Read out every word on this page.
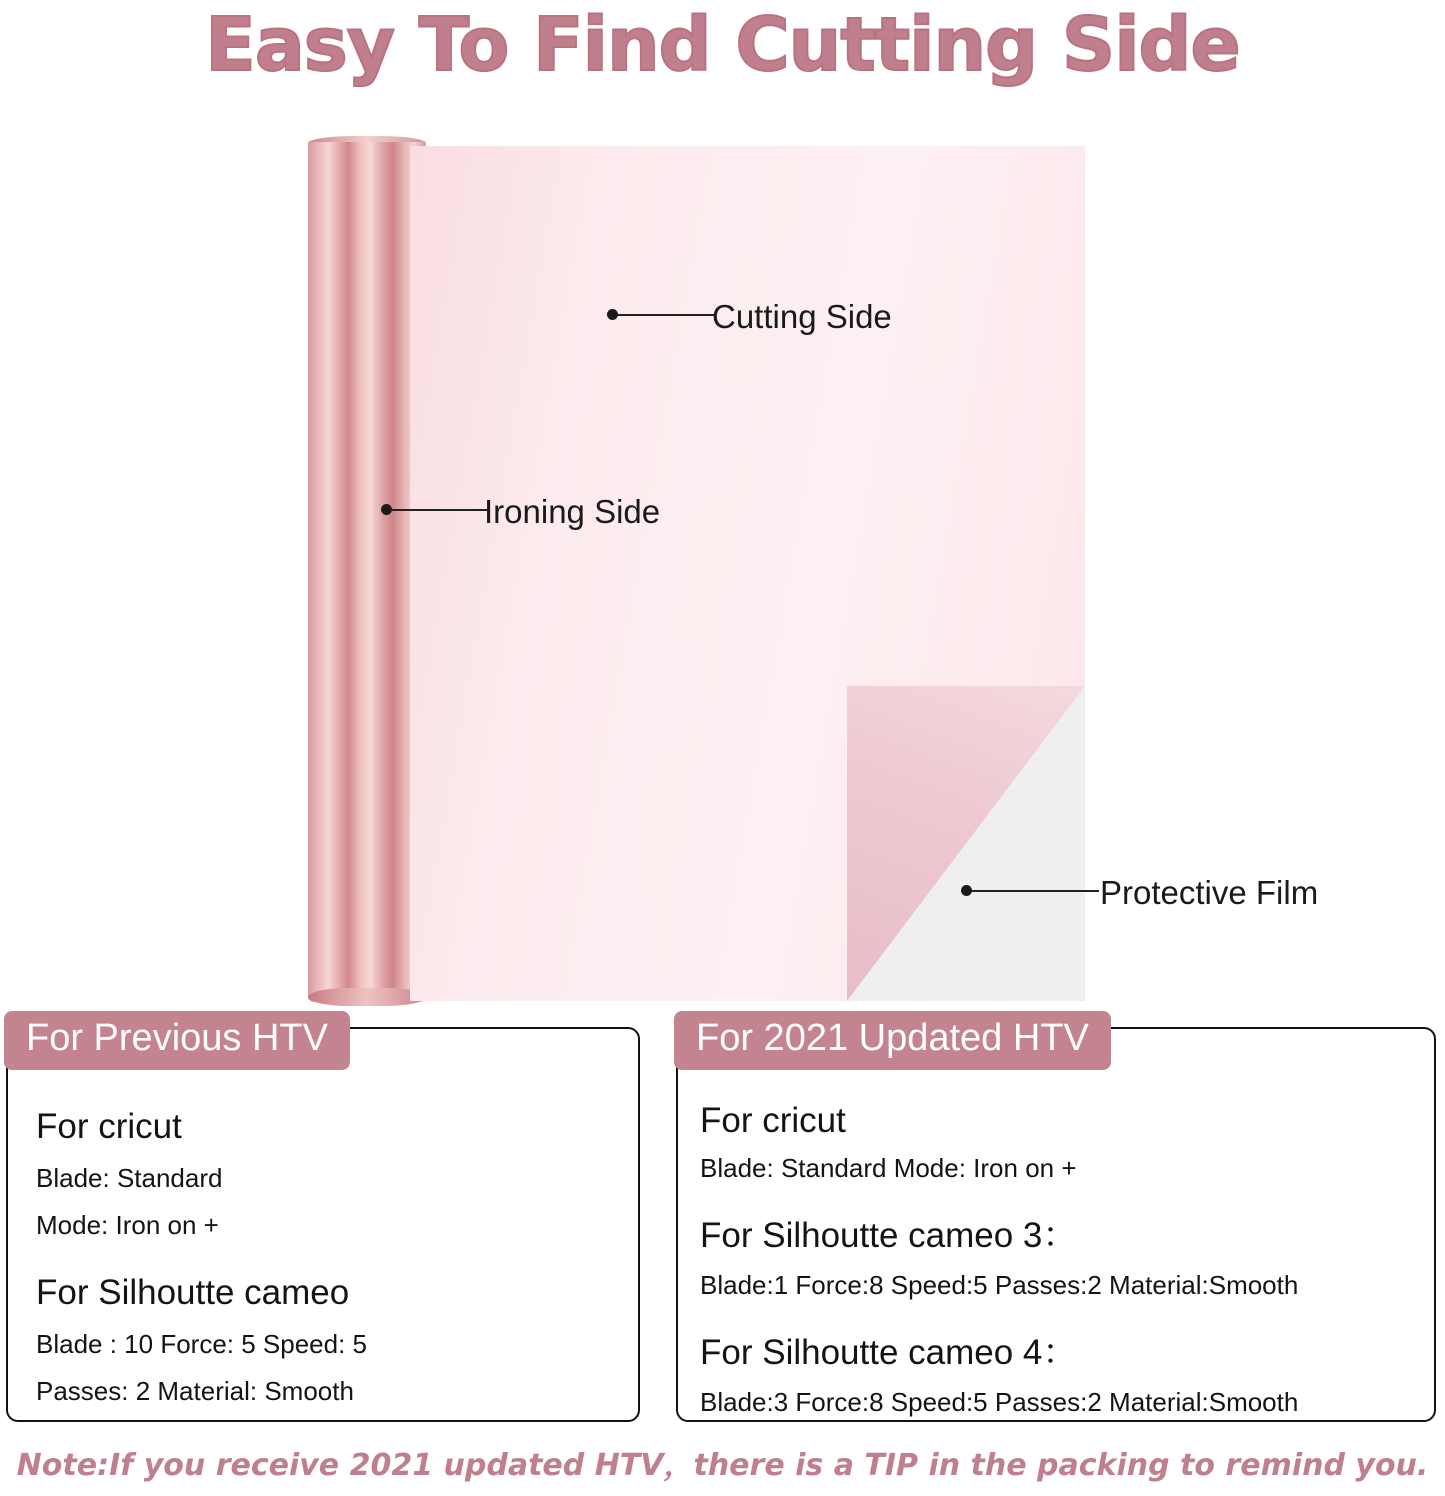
Easy To Find Cutting Side
Cutting Side
Ironing Side
Protective Film
For Previous HTV
For cricut
Blade: Standard
Mode: Iron on +
For Silhoutte cameo
Blade : 10 Force: 5 Speed: 5
Passes: 2 Material: Smooth
For 2021 Updated HTV
For cricut
Blade: Standard Mode: Iron on +
For Silhoutte cameo 3：
Blade:1 Force:8 Speed:5 Passes:2 Material:Smooth
For Silhoutte cameo 4：
Blade:3 Force:8 Speed:5 Passes:2 Material:Smooth
Note:If you receive 2021 updated HTV，there is a TIP in the packing to remind you.
